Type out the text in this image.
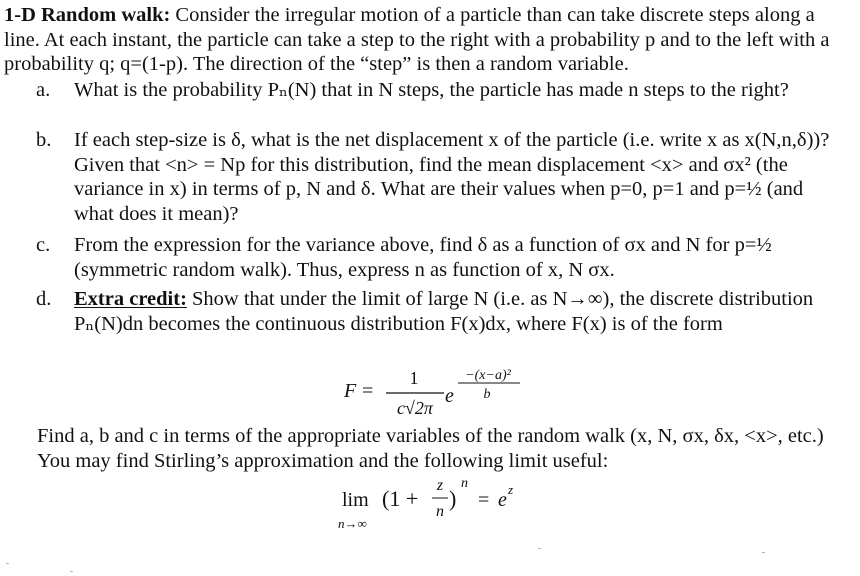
1-D Random walk: Consider the irregular motion of a particle than can take discrete steps along a line. At each instant, the particle can take a step to the right with a probability p and to the left with a probability q; q=(1-p). The direction of the “step” is then a random variable.

a.	What is the probability Pₙ(N) that in N steps, the particle has made n steps to the right?
b.	If each step-size is δ, what is the net displacement x of the particle (i.e. write x as x(N,n,δ))? Given that <n> = Np for this distribution, find the mean displacement <x> and σx² (the variance in x) in terms of p, N and δ. What are their values when p=0, p=1 and p=½ (and what does it mean)?
c.	From the expression for the variance above, find δ as a function of σx and N for p=½ (symmetric random walk). Thus, express n as function of x, N σx.
d.	Extra credit: Show that under the limit of large N (i.e. as N→∞), the discrete distribution Pₙ(N)dn becomes the continuous distribution F(x)dx, where F(x) is of the form
F =
1
c√2π
e
−(x−a)²
b
Find a, b and c in terms of the appropriate variables of the random walk (x, N, σx, δx, <x>, etc.) You may find Stirling’s approximation and the following limit useful:
lim
n→∞
(1 +
z
n
)
n
= e z
